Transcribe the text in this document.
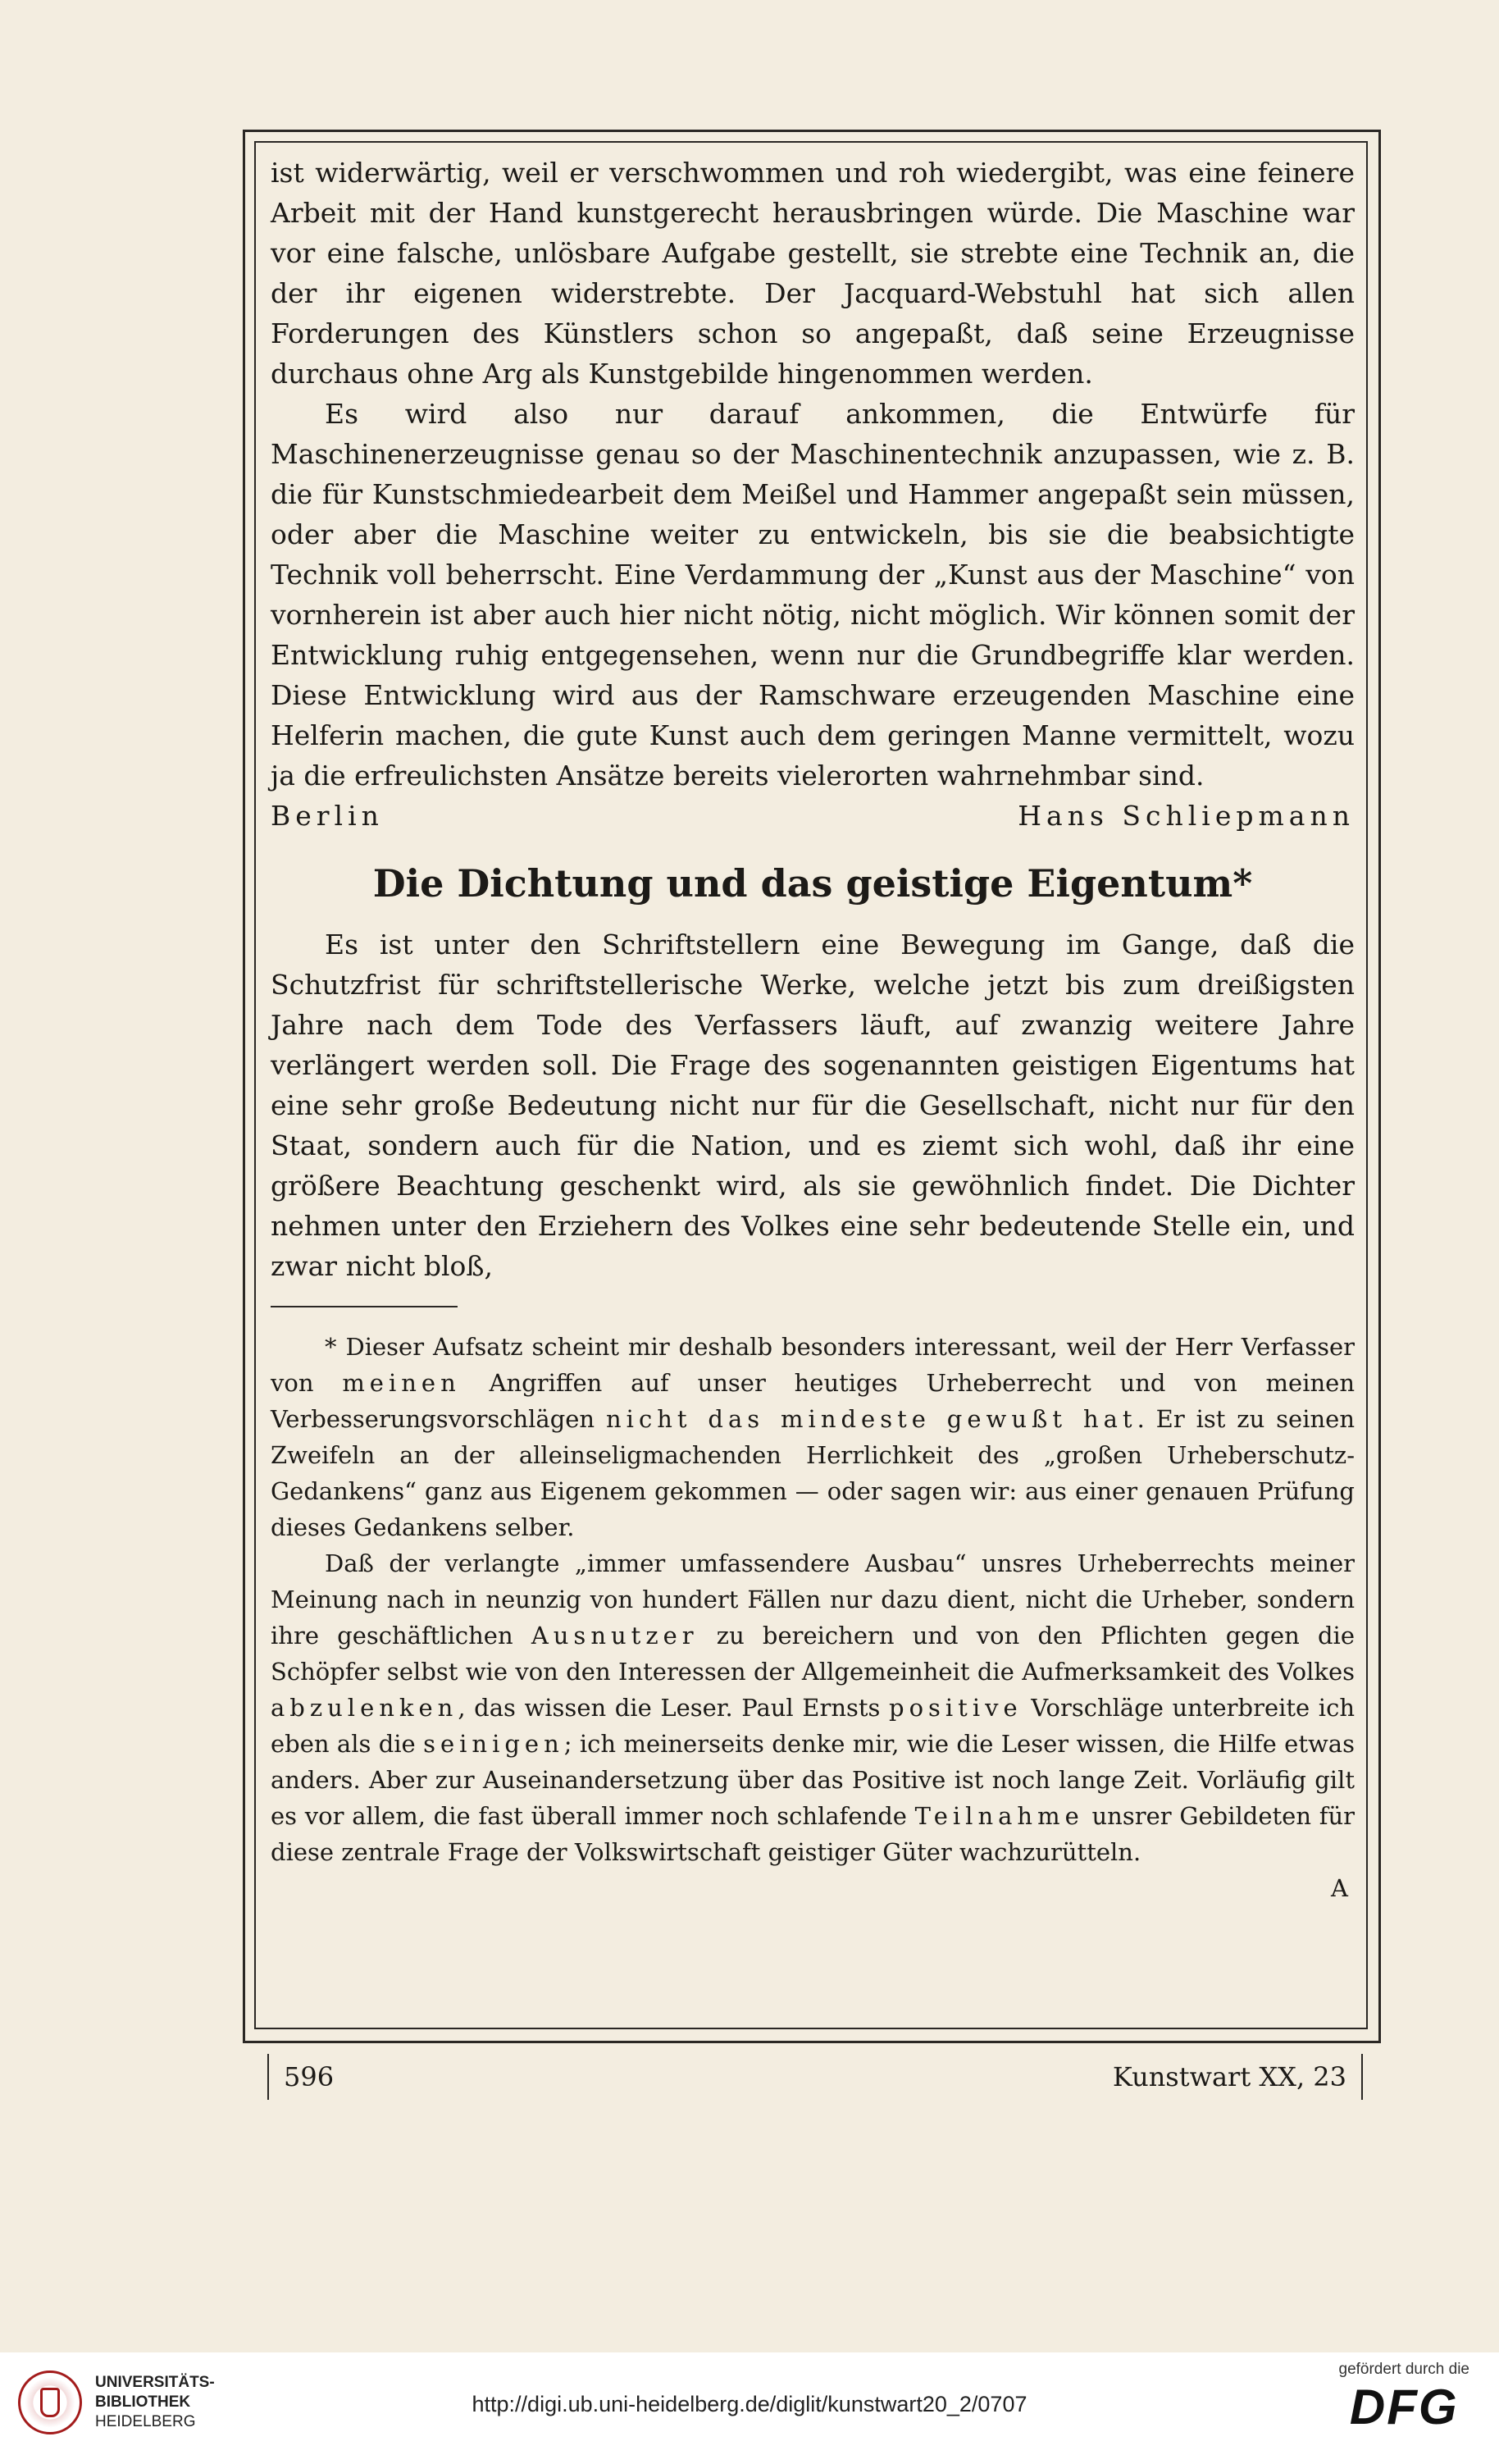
ist widerwärtig, weil er verschwommen und roh wiedergibt, was eine feinere Arbeit mit der Hand kunstgerecht herausbringen würde. Die Maschine war vor eine falsche, unlösbare Aufgabe gestellt, sie strebte eine Technik an, die der ihr eigenen widerstrebte. Der Jacquard-Webstuhl hat sich allen Forderungen des Künstlers schon so angepaßt, daß seine Erzeugnisse durchaus ohne Arg als Kunstgebilde hingenommen werden.

Es wird also nur darauf ankommen, die Entwürfe für Maschinenerzeugnisse genau so der Maschinentechnik anzupassen, wie z. B. die für Kunstschmiedearbeit dem Meißel und Hammer angepaßt sein müssen, oder aber die Maschine weiter zu entwickeln, bis sie die beabsichtigte Technik voll beherrscht. Eine Verdammung der „Kunst aus der Maschine“ von vornherein ist aber auch hier nicht nötig, nicht möglich. Wir können somit der Entwicklung ruhig entgegensehen, wenn nur die Grundbegriffe klar werden. Diese Entwicklung wird aus der Ramschware erzeugenden Maschine eine Helferin machen, die gute Kunst auch dem geringen Manne vermittelt, wozu ja die erfreulichsten Ansätze bereits vielerorten wahrnehmbar sind.

Berlin	Hans Schliepmann
Die Dichtung und das geistige Eigentum*

Es ist unter den Schriftstellern eine Bewegung im Gange, daß die Schutzfrist für schriftstellerische Werke, welche jetzt bis zum dreißigsten Jahre nach dem Tode des Verfassers läuft, auf zwanzig weitere Jahre verlängert werden soll. Die Frage des sogenannten geistigen Eigentums hat eine sehr große Bedeutung nicht nur für die Gesellschaft, nicht nur für den Staat, sondern auch für die Nation, und es ziemt sich wohl, daß ihr eine größere Beachtung geschenkt wird, als sie gewöhnlich findet. Die Dichter nehmen unter den Erziehern des Volkes eine sehr bedeutende Stelle ein, und zwar nicht bloß,

* Dieser Aufsatz scheint mir deshalb besonders interessant, weil der Herr Verfasser von meinen Angriffen auf unser heutiges Urheberrecht und von meinen Verbesserungsvorschlägen nicht das mindeste gewußt hat. Er ist zu seinen Zweifeln an der alleinseligmachenden Herrlichkeit des „großen Urheberschutz-Gedankens“ ganz aus Eigenem gekommen — oder sagen wir: aus einer genauen Prüfung dieses Gedankens selber.

Daß der verlangte „immer umfassendere Ausbau“ unsres Urheberrechts meiner Meinung nach in neunzig von hundert Fällen nur dazu dient, nicht die Urheber, sondern ihre geschäftlichen Ausnutzer zu bereichern und von den Pflichten gegen die Schöpfer selbst wie von den Interessen der Allgemeinheit die Aufmerksamkeit des Volkes abzulenken, das wissen die Leser. Paul Ernsts positive Vorschläge unterbreite ich eben als die seinigen; ich meinerseits denke mir, wie die Leser wissen, die Hilfe etwas anders. Aber zur Auseinandersetzung über das Positive ist noch lange Zeit. Vorläufig gilt es vor allem, die fast überall immer noch schlafende Teilnahme unsrer Gebildeten für diese zentrale Frage der Volkswirtschaft geistiger Güter wachzurütteln.

A
596	Kunstwart XX, 23
UNIVERSITÄTS-
BIBLIOTHEK
HEIDELBERG
http://digi.ub.uni-heidelberg.de/diglit/kunstwart20_2/0707
gefördert durch die
DFG
